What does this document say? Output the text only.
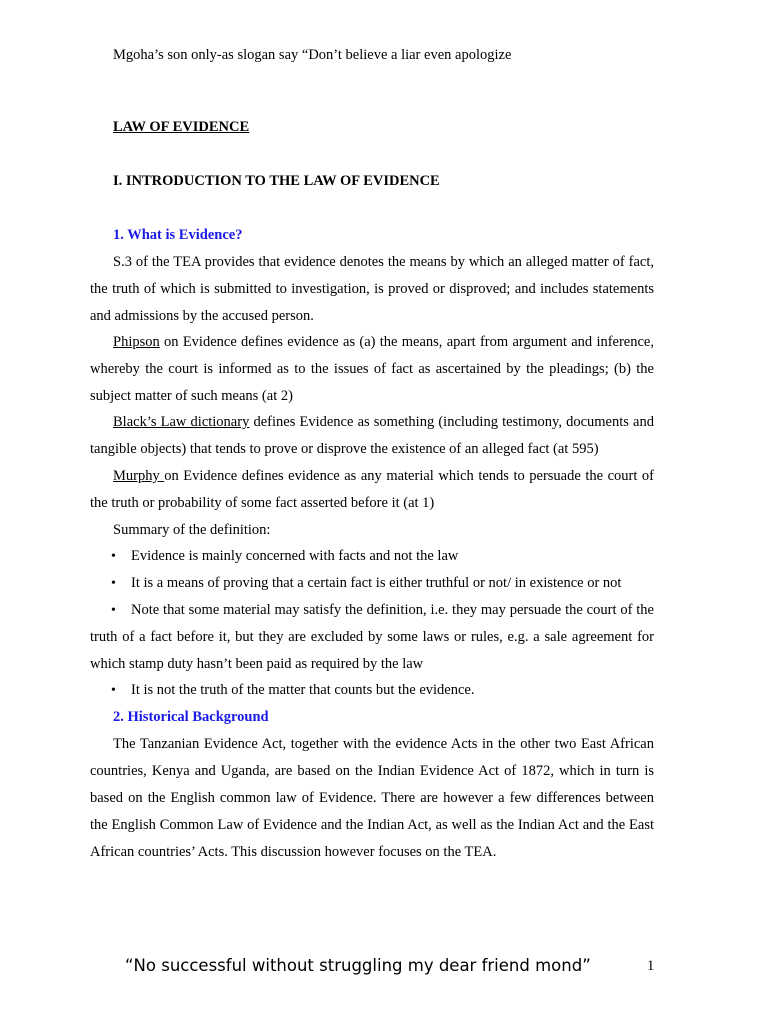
Mgoha’s son only-as slogan say “Don’t believe a liar even apologize

LAW OF EVIDENCE

I. INTRODUCTION TO THE LAW OF EVIDENCE

1. What is Evidence?

S.3 of the TEA provides that evidence denotes the means by which an alleged matter of fact, the truth of which is submitted to investigation, is proved or disproved; and includes statements and admissions by the accused person.

Phipson on Evidence defines evidence as (a) the means, apart from argument and inference, whereby the court is informed as to the issues of fact as ascertained by the pleadings; (b) the subject matter of such means (at 2)

Black’s Law dictionary defines Evidence as something (including testimony, documents and tangible objects) that tends to prove or disprove the existence of an alleged fact (at 595)

Murphy on Evidence defines evidence as any material which tends to persuade the court of the truth or probability of some fact asserted before it (at 1)

Summary of the definition:

•	Evidence is mainly concerned with facts and not the law
•	It is a means of proving that a certain fact is either truthful or not/ in existence or not
•	Note that some material may satisfy the definition, i.e. they may persuade the court of the truth of a fact before it, but they are excluded by some laws or rules, e.g. a sale agreement for which stamp duty hasn’t been paid as required by the law
•	It is not the truth of the matter that counts but the evidence.

2. Historical Background

The Tanzanian Evidence Act, together with the evidence Acts in the other two East African countries, Kenya and Uganda, are based on the Indian Evidence Act of 1872, which in turn is based on the English common law of Evidence. There are however a few differences between the English Common Law of Evidence and the Indian Act, as well as the Indian Act and the East African countries’ Acts. This discussion however focuses on the TEA.

“No successful without struggling my dear friend mond”	1
